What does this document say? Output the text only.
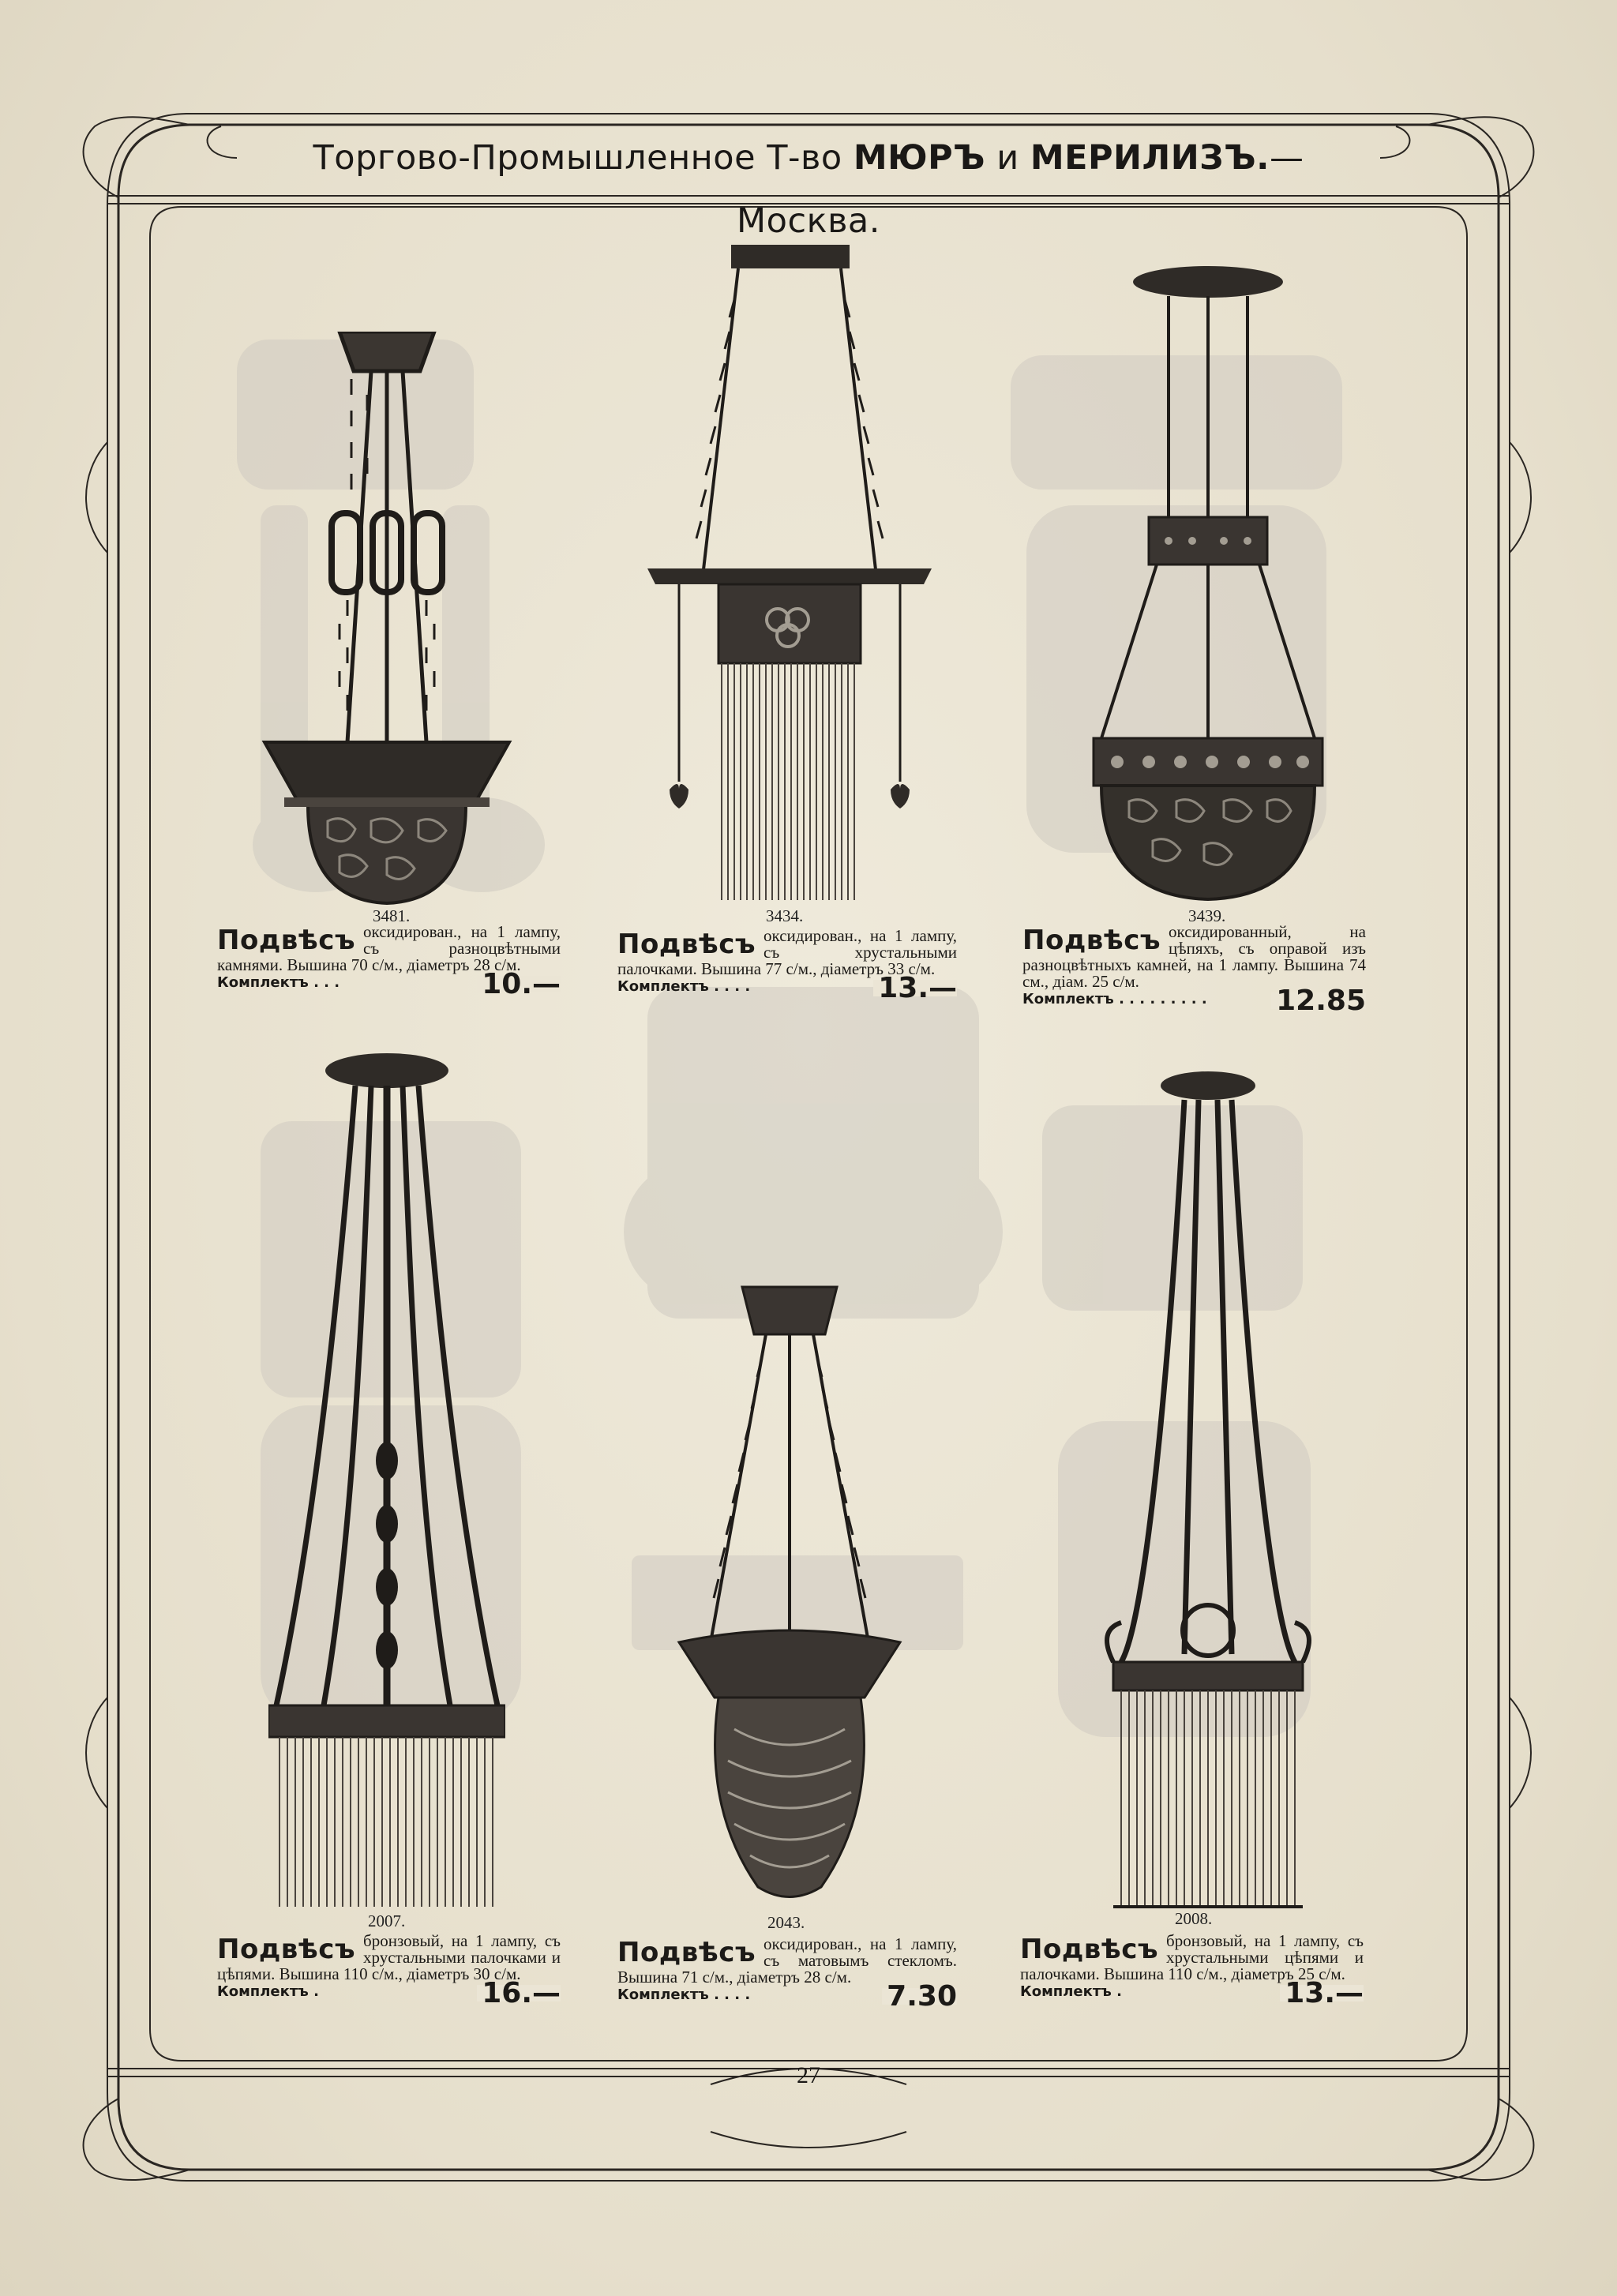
Торгово-Промышленное Т-во МЮРЪ и МЕРИЛИЗЪ.— Москва.
3481.
Подвѣсъ оксидирован., на 1 лампу, съ разноцвѣтными камнями. Вышина 70 с/м., діаметръ 28 с/м.
Комплектъ . . .	10.—
3434.
Подвѣсъ оксидирован., на 1 лампу, съ хрустальными палочками. Вышина 77 с/м., діаметръ 33 с/м.
Комплектъ . . . .	13.—
3439.
Подвѣсъ оксидированный, на цѣпяхъ, съ оправой изъ разноцвѣтныхъ камней, на 1 лампу. Вышина 74 см., діам. 25 с/м.
Комплектъ . . . . . . . . . 12.85
2007.
Подвѣсъ бронзовый, на 1 лампу, съ хрустальными палочками и цѣпями. Вышина 110 с/м., діаметръ 30 с/м.
Комплектъ .	16.—
2043.
Подвѣсъ оксидирован., на 1 лампу, съ матовымъ стекломъ. Вышина 71 с/м., діаметръ 28 с/м.
Комплектъ . . . .	7.30
2008.
Подвѣсъ бронзовый, на 1 лампу, съ хрустальными цѣпями и палочками. Вышина 110 с/м., діаметръ 25 с/м.
Комплектъ .	13.—
27
